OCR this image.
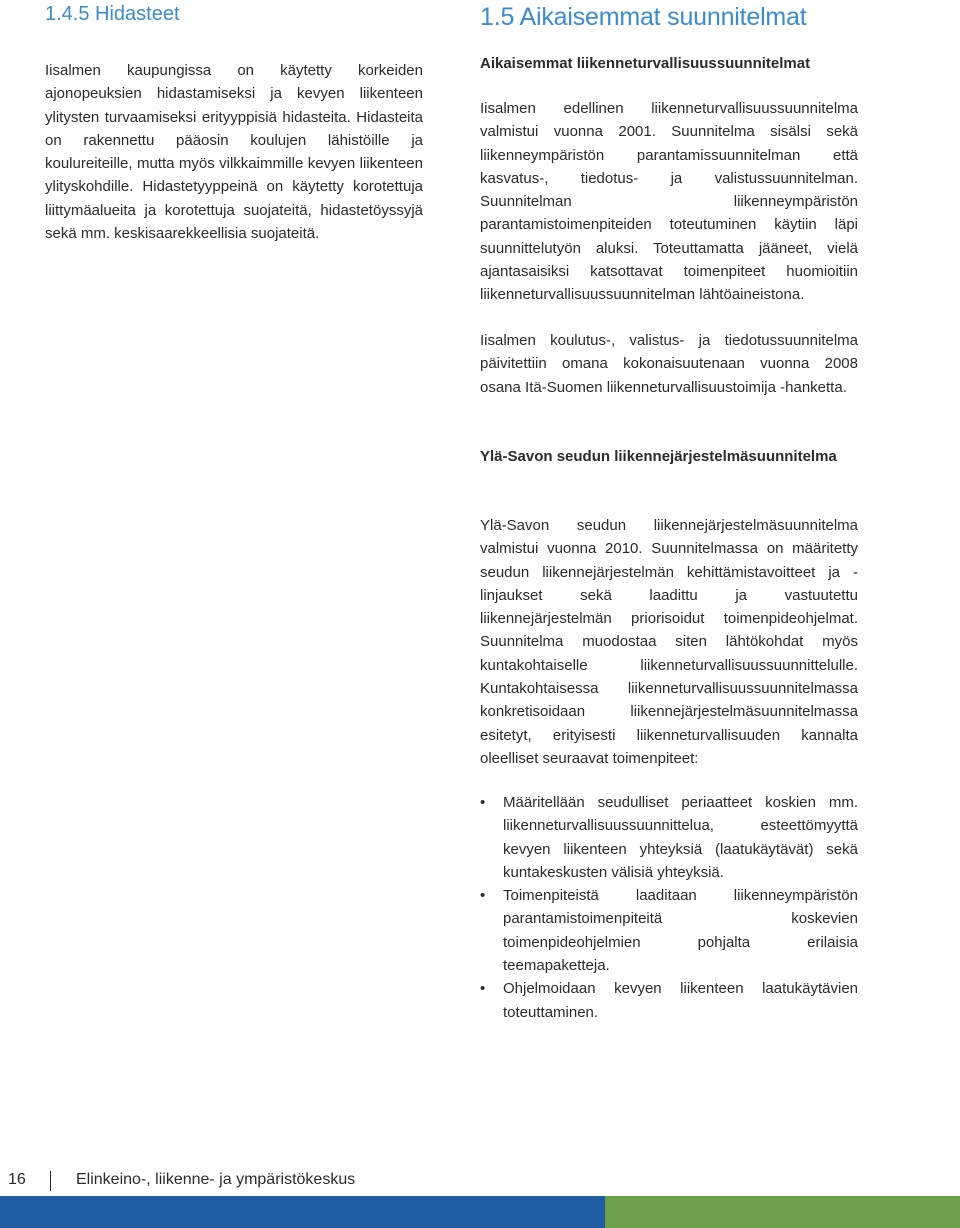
1.4.5 Hidasteet

Iisalmen kaupungissa on käytetty korkeiden ajonopeuksien hidastamiseksi ja kevyen liikenteen ylitysten turvaamiseksi erityyppisiä hidasteita. Hidasteita on rakennettu pääosin koulujen lähistöille ja koulureiteille, mutta myös vilkkaimmille kevyen liikenteen ylityskohdille. Hidastetyyppeinä on käytetty korotettuja liittymäalueita ja korotettuja suojateitä, hidastetöyssyjä sekä mm. keskisaarekkeellisia suojateitä.

1.5 Aikaisemmat suunnitelmat

Aikaisemmat liikenneturvallisuussuunnitelmat

Iisalmen edellinen liikenneturvallisuussuunnitelma valmistui vuonna 2001. Suunnitelma sisälsi sekä liikenneympäristön parantamissuunnitelman että kasvatus-, tiedotus- ja valistussuunnitelman. Suunnitelman liikenneympäristön parantamistoimenpiteiden toteutuminen käytiin läpi suunnittelutyön aluksi. Toteuttamatta jääneet, vielä ajantasaisiksi katsottavat toimenpiteet huomioitiin liikenneturvallisuussuunnitelman lähtöaineistona.

Iisalmen koulutus-, valistus- ja tiedotussuunnitelma päivitettiin omana kokonaisuutenaan vuonna 2008 osana Itä-Suomen liikenneturvallisuustoimija -hanketta.

Ylä-Savon seudun liikennejärjestelmäsuunnitelma

Ylä-Savon seudun liikennejärjestelmäsuunnitelma valmistui vuonna 2010. Suunnitelmassa on määritetty seudun liikennejärjestelmän kehittämistavoitteet ja -linjaukset sekä laadittu ja vastuutettu liikennejärjestelmän priorisoidut toimenpideohjelmat. Suunnitelma muodostaa siten lähtökohdat myös kuntakohtaiselle liikenneturvallisuussuunnittelulle. Kuntakohtaisessa liikenneturvallisuussuunnitelmassa konkretisoidaan liikennejärjestelmäsuunnitelmassa esitetyt, erityisesti liikenneturvallisuuden kannalta oleelliset seuraavat toimenpiteet:

• Määritellään seudulliset periaatteet koskien mm. liikenneturvallisuussuunnittelua, esteettömyyttä kevyen liikenteen yhteyksiä (laatukäytävät) sekä kuntakeskusten välisiä yhteyksiä.
• Toimenpiteistä laaditaan liikenneympäristön parantamistoimenpiteitä koskevien toimenpideohjelmien pohjalta erilaisia teemapaketteja.
• Ohjelmoidaan kevyen liikenteen laatukäytävien toteuttaminen.
16	Elinkeino-, liikenne- ja ympäristökeskus
